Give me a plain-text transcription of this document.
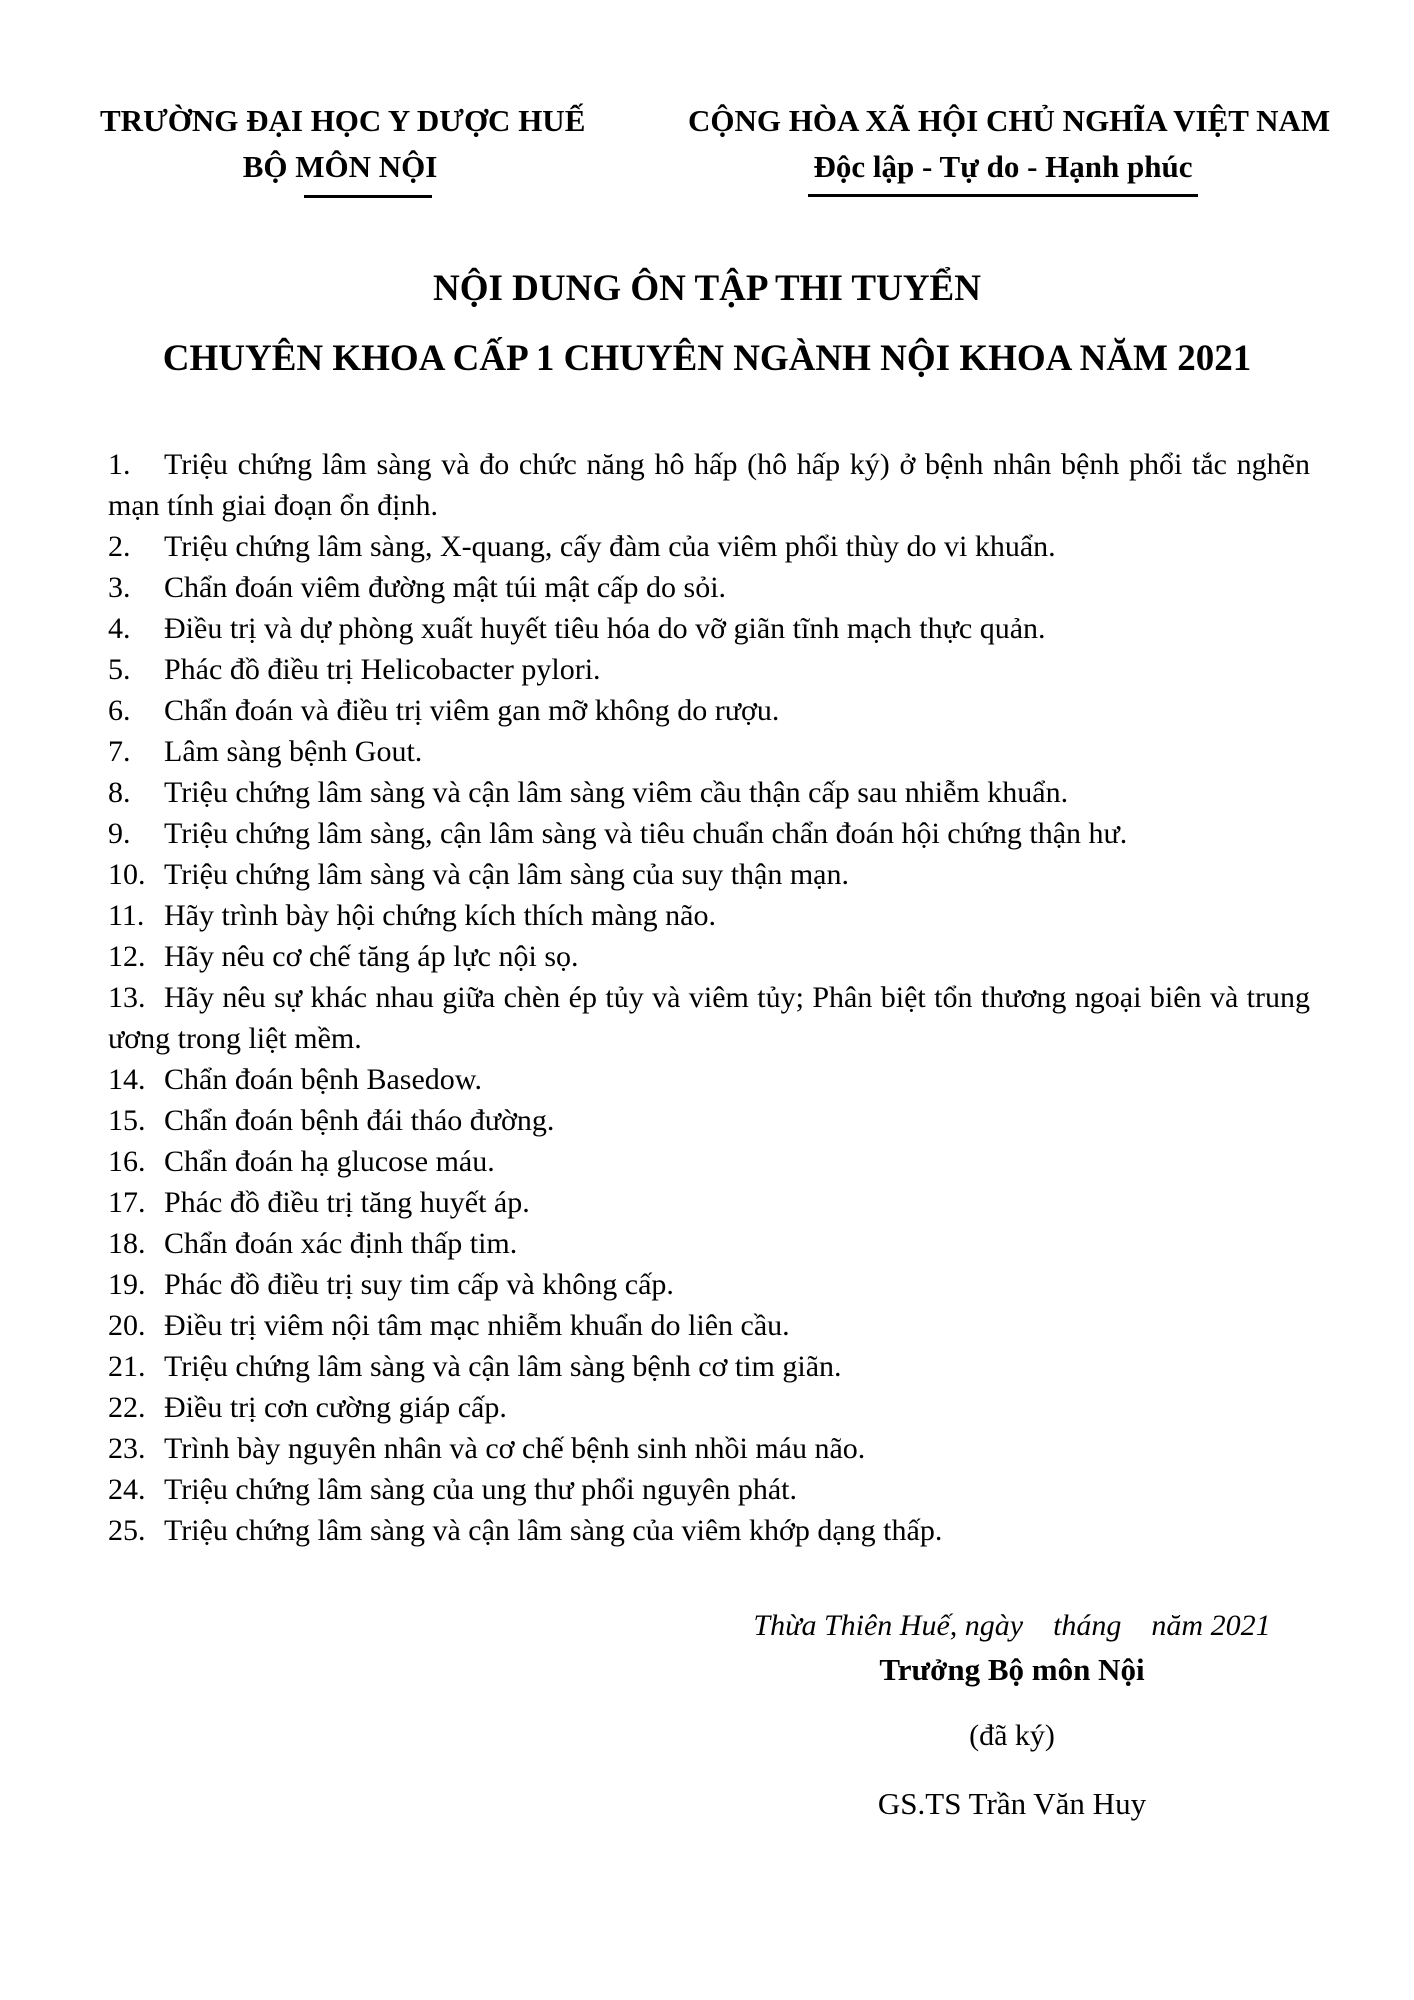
TRƯỜNG ĐẠI HỌC Y DƯỢC HUẾ
BỘ MÔN NỘI
CỘNG HÒA XÃ HỘI CHỦ NGHĨA VIỆT NAM
Độc lập - Tự do - Hạnh phúc
NỘI DUNG ÔN TẬP THI TUYỂN
CHUYÊN KHOA CẤP 1 CHUYÊN NGÀNH NỘI KHOA NĂM 2021
1. Triệu chứng lâm sàng và đo chức năng hô hấp (hô hấp ký) ở bệnh nhân bệnh phổi tắc nghẽn mạn tính giai đoạn ổn định.
2. Triệu chứng lâm sàng, X-quang, cấy đàm của viêm phổi thùy do vi khuẩn.
3. Chẩn đoán viêm đường mật túi mật cấp do sỏi.
4. Điều trị và dự phòng xuất huyết tiêu hóa do vỡ giãn tĩnh mạch thực quản.
5. Phác đồ điều trị Helicobacter pylori.
6. Chẩn đoán và điều trị viêm gan mỡ không do rượu.
7. Lâm sàng bệnh Gout.
8. Triệu chứng lâm sàng và cận lâm sàng viêm cầu thận cấp sau nhiễm khuẩn.
9. Triệu chứng lâm sàng, cận lâm sàng và tiêu chuẩn chẩn đoán hội chứng thận hư.
10. Triệu chứng lâm sàng và cận lâm sàng của suy thận mạn.
11. Hãy trình bày hội chứng kích thích màng não.
12. Hãy nêu cơ chế tăng áp lực nội sọ.
13. Hãy nêu sự khác nhau giữa chèn ép tủy và viêm tủy; Phân biệt tổn thương ngoại biên và trung ương trong liệt mềm.
14. Chẩn đoán bệnh Basedow.
15. Chẩn đoán bệnh đái tháo đường.
16. Chẩn đoán hạ glucose máu.
17. Phác đồ điều trị tăng huyết áp.
18. Chẩn đoán xác định thấp tim.
19. Phác đồ điều trị suy tim cấp và không cấp.
20. Điều trị viêm nội tâm mạc nhiễm khuẩn do liên cầu.
21. Triệu chứng lâm sàng và cận lâm sàng bệnh cơ tim giãn.
22. Điều trị cơn cường giáp cấp.
23. Trình bày nguyên nhân và cơ chế bệnh sinh nhồi máu não.
24. Triệu chứng lâm sàng của ung thư phổi nguyên phát.
25. Triệu chứng lâm sàng và cận lâm sàng của viêm khớp dạng thấp.
Thừa Thiên Huế, ngày    tháng    năm 2021
Trưởng Bộ môn Nội
(đã ký)
GS.TS Trần Văn Huy
